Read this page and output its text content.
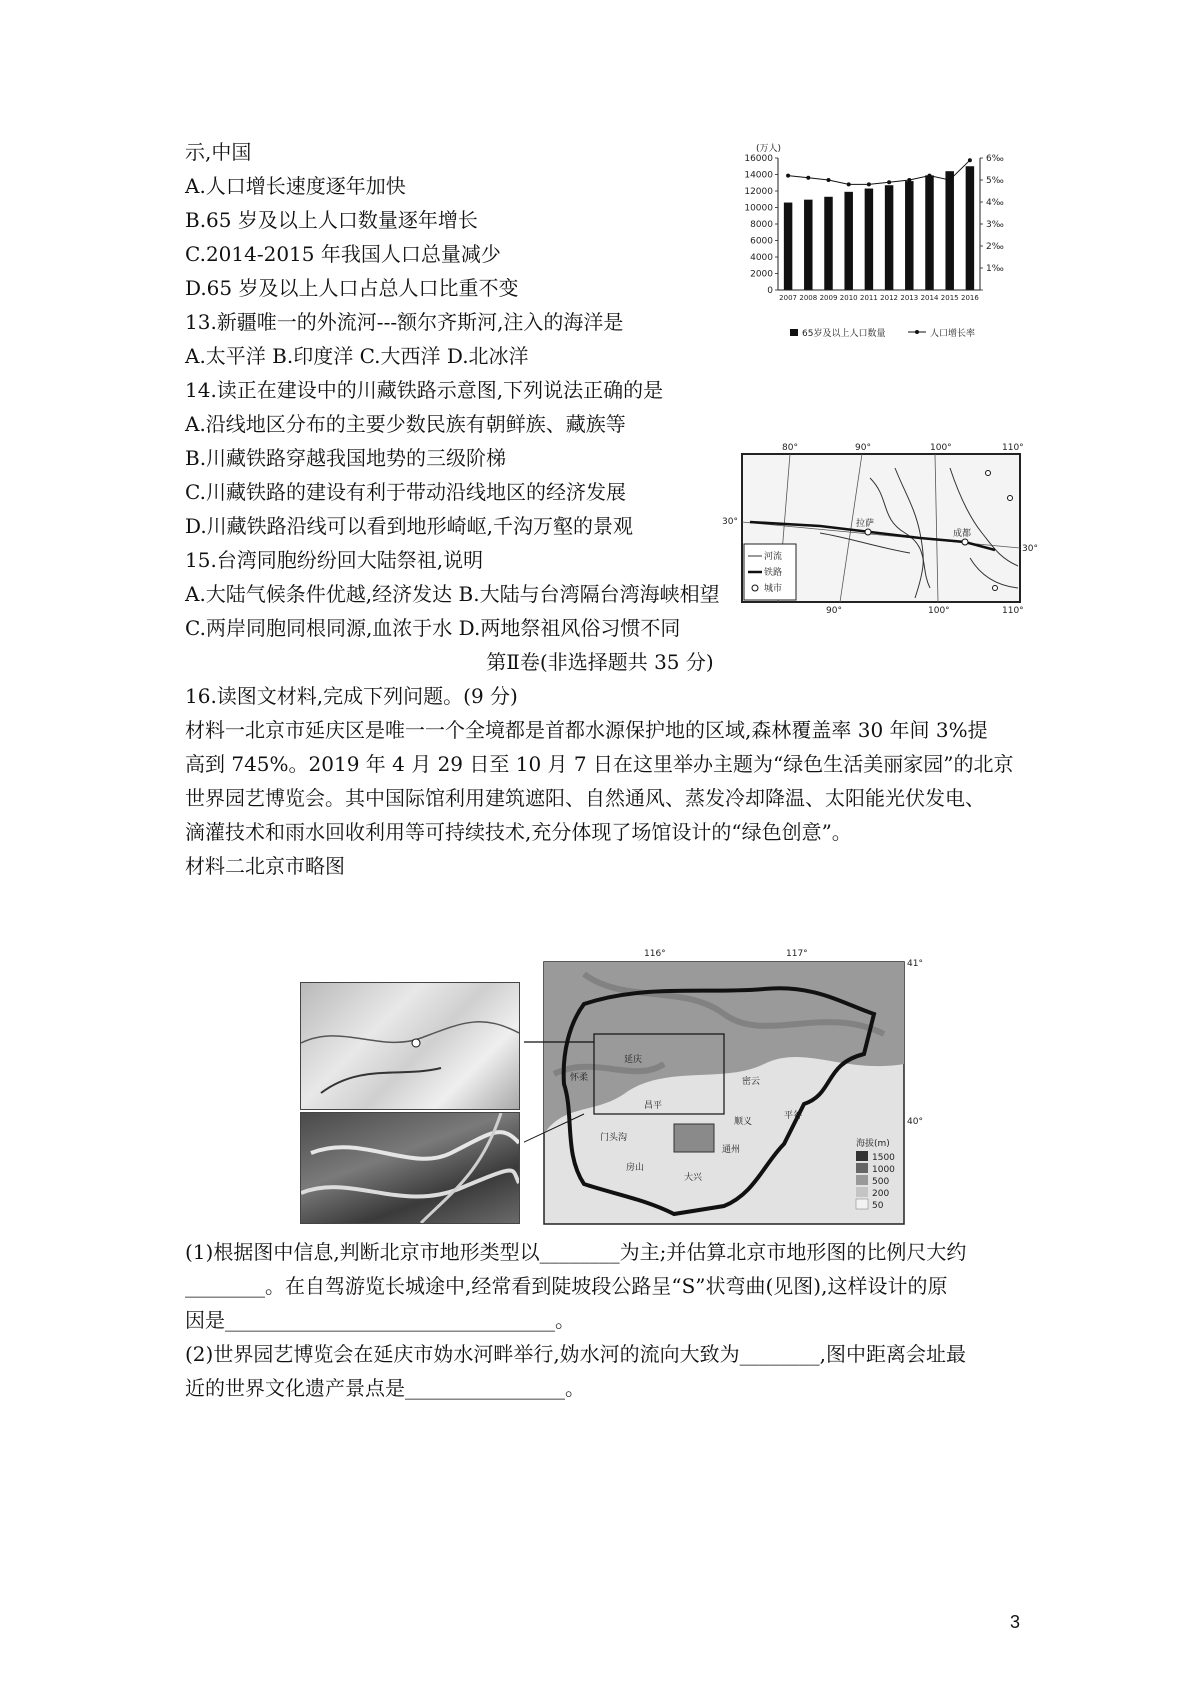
示,中国
A.人口增长速度逐年加快
B.65 岁及以上人口数量逐年增长
C.2014-2015 年我国人口总量减少
D.65 岁及以上人口占总人口比重不变
13.新疆唯一的外流河---额尔齐斯河,注入的海洋是
A.太平洋 B.印度洋 C.大西洋 D.北冰洋
14.读正在建设中的川藏铁路示意图,下列说法正确的是
A.沿线地区分布的主要少数民族有朝鲜族、藏族等
B.川藏铁路穿越我国地势的三级阶梯
C.川藏铁路的建设有利于带动沿线地区的经济发展
D.川藏铁路沿线可以看到地形崎岖,千沟万壑的景观
15.台湾同胞纷纷回大陆祭祖,说明
A.大陆气候条件优越,经济发达 B.大陆与台湾隔台湾海峡相望
C.两岸同胞同根同源,血浓于水 D.两地祭祖风俗习惯不同
第Ⅱ卷(非选择题共 35 分)
16.读图文材料,完成下列问题。(9 分)
材料一北京市延庆区是唯一一个全境都是首都水源保护地的区域,森林覆盖率 30 年间 3%提
高到 745%。2019 年 4 月 29 日至 10 月 7 日在这里举办主题为“绿色生活美丽家园”的北京
世界园艺博览会。其中国际馆利用建筑遮阳、自然通风、蒸发冷却降温、太阳能光伏发电、
滴灌技术和雨水回收利用等可持续技术,充分体现了场馆设计的“绿色创意”。
材料二北京市略图
(1)根据图中信息,判断北京市地形类型以________为主;并估算北京市地形图的比例尺大约
________。在自驾游览长城途中,经常看到陡坡段公路呈“S”状弯曲(见图),这样设计的原
因是_________________________________。
(2)世界园艺博览会在延庆市妫水河畔举行,妫水河的流向大致为________,图中距离会址最
近的世界文化遗产景点是________________。
(万人)
0
2000
4000
6000
8000
10000
12000
14000
16000
1‰
2‰
3‰
4‰
5‰
6‰
2007 2008 2009 2010 2011 2012 2013 2014 2015 2016
65岁及以上人口数量	人口增长率
80°	90°	100°	110°
90°	100°	110°
30°
30°
拉萨
成都
河流
铁路
城市
116°	117°
41°
40°
延庆
怀柔	密云
昌平
平谷
门头沟
房山
大兴
通州
顺义
海拔(m)
1500
1000
500
200
50
3
